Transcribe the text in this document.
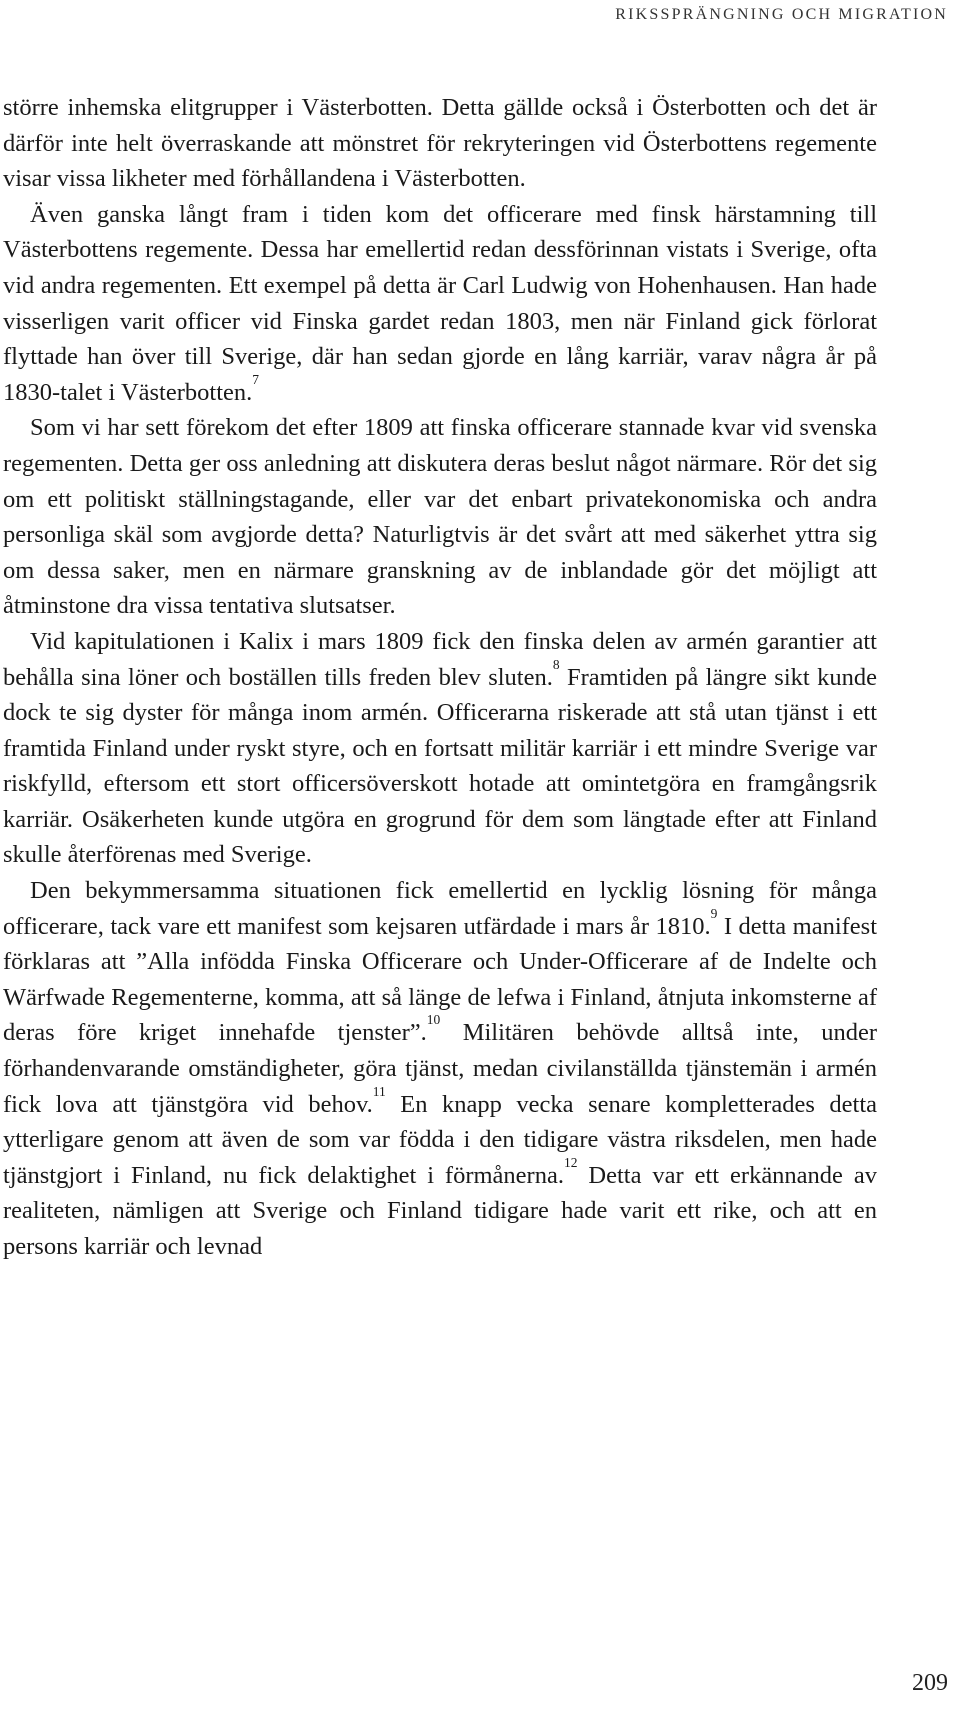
RIKSSPRÄNGNING OCH MIGRATION

större inhemska elitgrupper i Västerbotten. Detta gällde också i Österbotten och det är därför inte helt överraskande att mönstret för rekryteringen vid Österbottens regemente visar vissa likheter med förhållandena i Västerbotten.

Även ganska långt fram i tiden kom det officerare med finsk härstamning till Västerbottens regemente. Dessa har emellertid redan dessförinnan vistats i Sverige, ofta vid andra regementen. Ett exempel på detta är Carl Ludwig von Hohenhausen. Han hade visserligen varit officer vid Finska gardet redan 1803, men när Finland gick förlorat flyttade han över till Sverige, där han sedan gjorde en lång karriär, varav några år på 1830-talet i Västerbotten.$^7$

Som vi har sett förekom det efter 1809 att finska officerare stannade kvar vid svenska regementen. Detta ger oss anledning att diskutera deras beslut något närmare. Rör det sig om ett politiskt ställningstagande, eller var det enbart privatekonomiska och andra personliga skäl som avgjorde detta? Naturligtvis är det svårt att med säkerhet yttra sig om dessa saker, men en närmare granskning av de inblandade gör det möjligt att åtminstone dra vissa tentativa slutsatser.

Vid kapitulationen i Kalix i mars 1809 fick den finska delen av armén garantier att behålla sina löner och boställen tills freden blev sluten.$^8$ Framtiden på längre sikt kunde dock te sig dyster för många inom armén. Officerarna riskerade att stå utan tjänst i ett framtida Finland under ryskt styre, och en fortsatt militär karriär i ett mindre Sverige var riskfylld, eftersom ett stort officersöverskott hotade att omintetgöra en framgångsrik karriär. Osäkerheten kunde utgöra en grogrund för dem som längtade efter att Finland skulle återförenas med Sverige.

Den bekymmersamma situationen fick emellertid en lycklig lösning för många officerare, tack vare ett manifest som kejsaren utfärdade i mars år 1810.$^9$ I detta manifest förklaras att ”Alla infödda Finska Officerare och Under-Officerare af de Indelte och Wärfwade Regementerne, komma, att så länge de lefwa i Finland, åtnjuta inkomsterne af deras före kriget innehafde tjenster”.$^{10}$ Militären behövde alltså inte, under förhandenvarande omständigheter, göra tjänst, medan civilanställda tjänstemän i armén fick lova att tjänstgöra vid behov.$^{11}$ En knapp vecka senare kompletterades detta ytterligare genom att även de som var födda i den tidigare västra riksdelen, men hade tjänstgjort i Finland, nu fick delaktighet i förmånerna.$^{12}$ Detta var ett erkännande av realiteten, nämligen att Sverige och Finland tidigare hade varit ett rike, och att en persons karriär och levnad

209
